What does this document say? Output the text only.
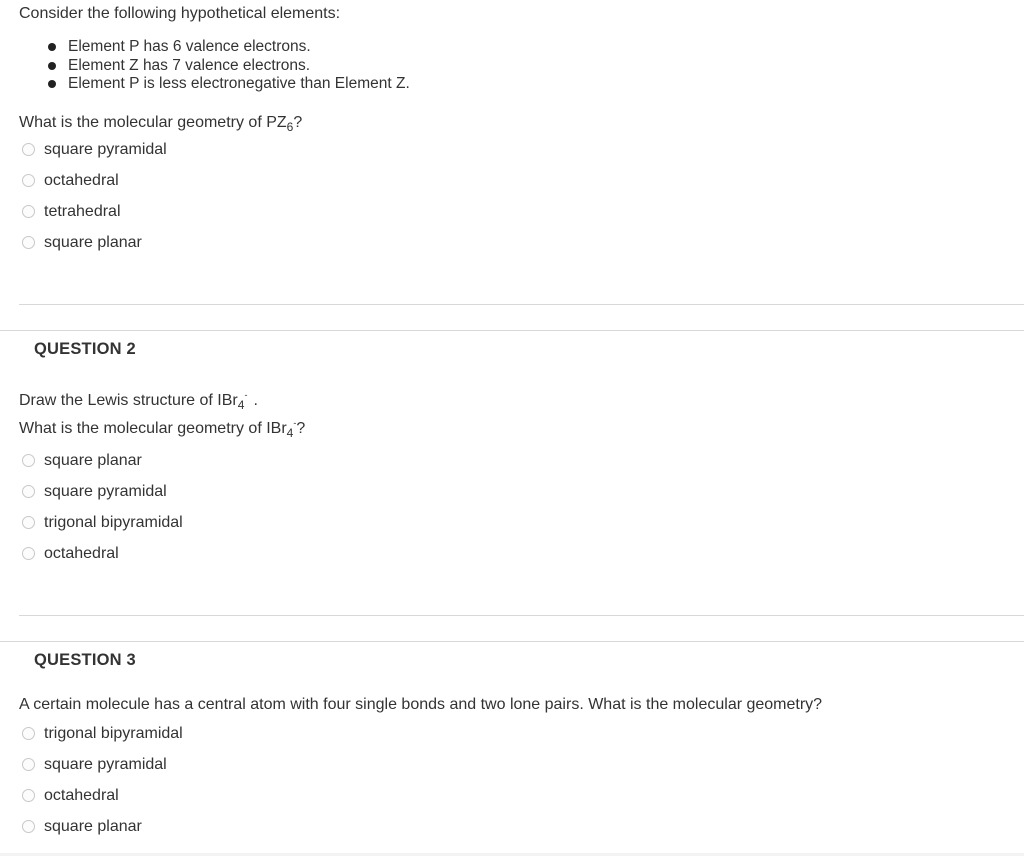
Consider the following hypothetical elements:

Element P has 6 valence electrons.
Element Z has 7 valence electrons.
Element P is less electronegative than Element Z.

What is the molecular geometry of $PZ_6$?

square pyramidal
octahedral
tetrahedral
square planar
QUESTION 2

Draw the Lewis structure of IBr$_4$- .

What is the molecular geometry of IBr$_4$-?

square planar
square pyramidal
trigonal bipyramidal
octahedral
QUESTION 3

A certain molecule has a central atom with four single bonds and two lone pairs. What is the molecular geometry?

trigonal bipyramidal
square pyramidal
octahedral
square planar
